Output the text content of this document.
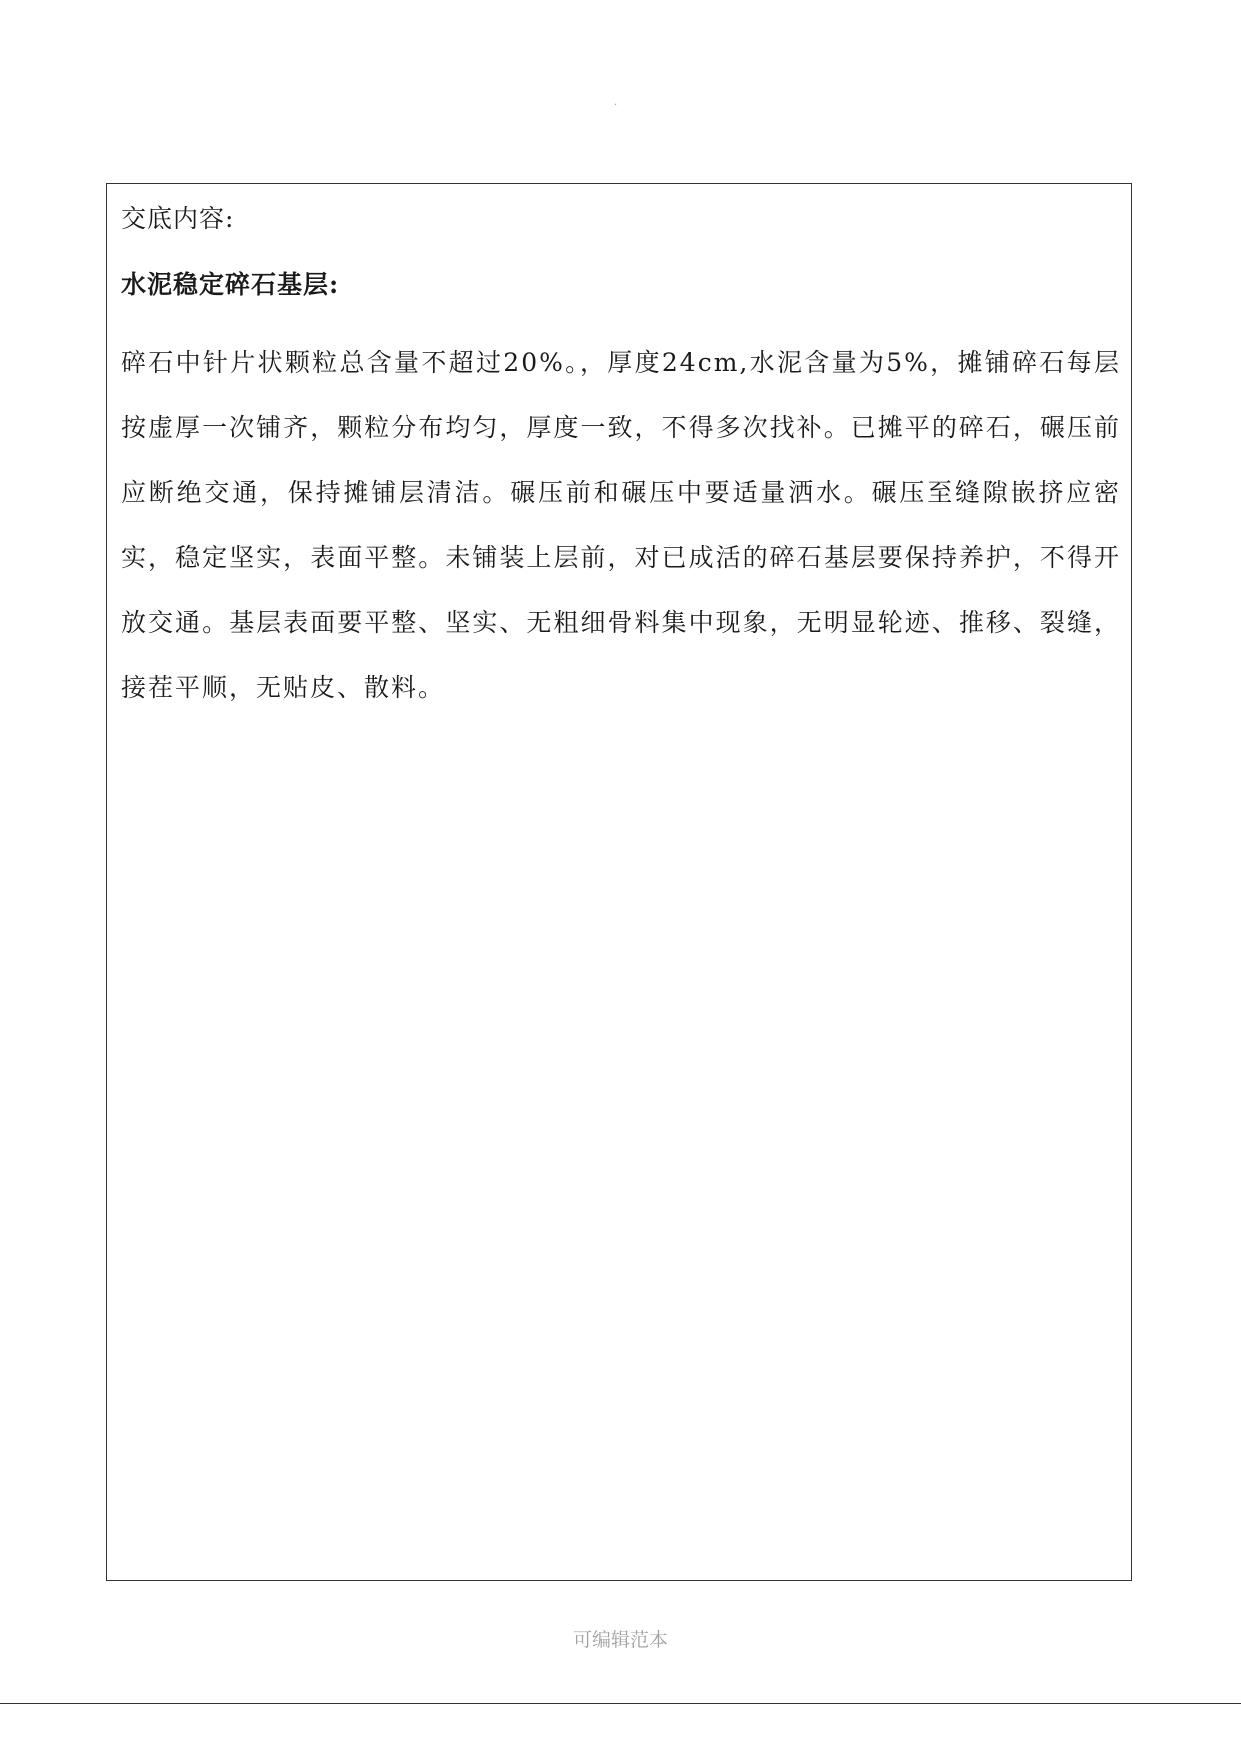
.
交底内容:
水泥稳定碎石基层:

碎石中针片状颗粒总含量不超过20%。，厚度24cm,水泥含量为5%，摊铺碎石每层按虚厚一次铺齐，颗粒分布均匀，厚度一致，不得多次找补。已摊平的碎石，碾压前应断绝交通，保持摊铺层清洁。碾压前和碾压中要适量洒水。碾压至缝隙嵌挤应密实，稳定坚实，表面平整。未铺装上层前，对已成活的碎石基层要保持养护，不得开放交通。基层表面要平整、坚实、无粗细骨料集中现象，无明显轮迹、推移、裂缝，接茬平顺，无贴皮、散料。

可编辑范本
